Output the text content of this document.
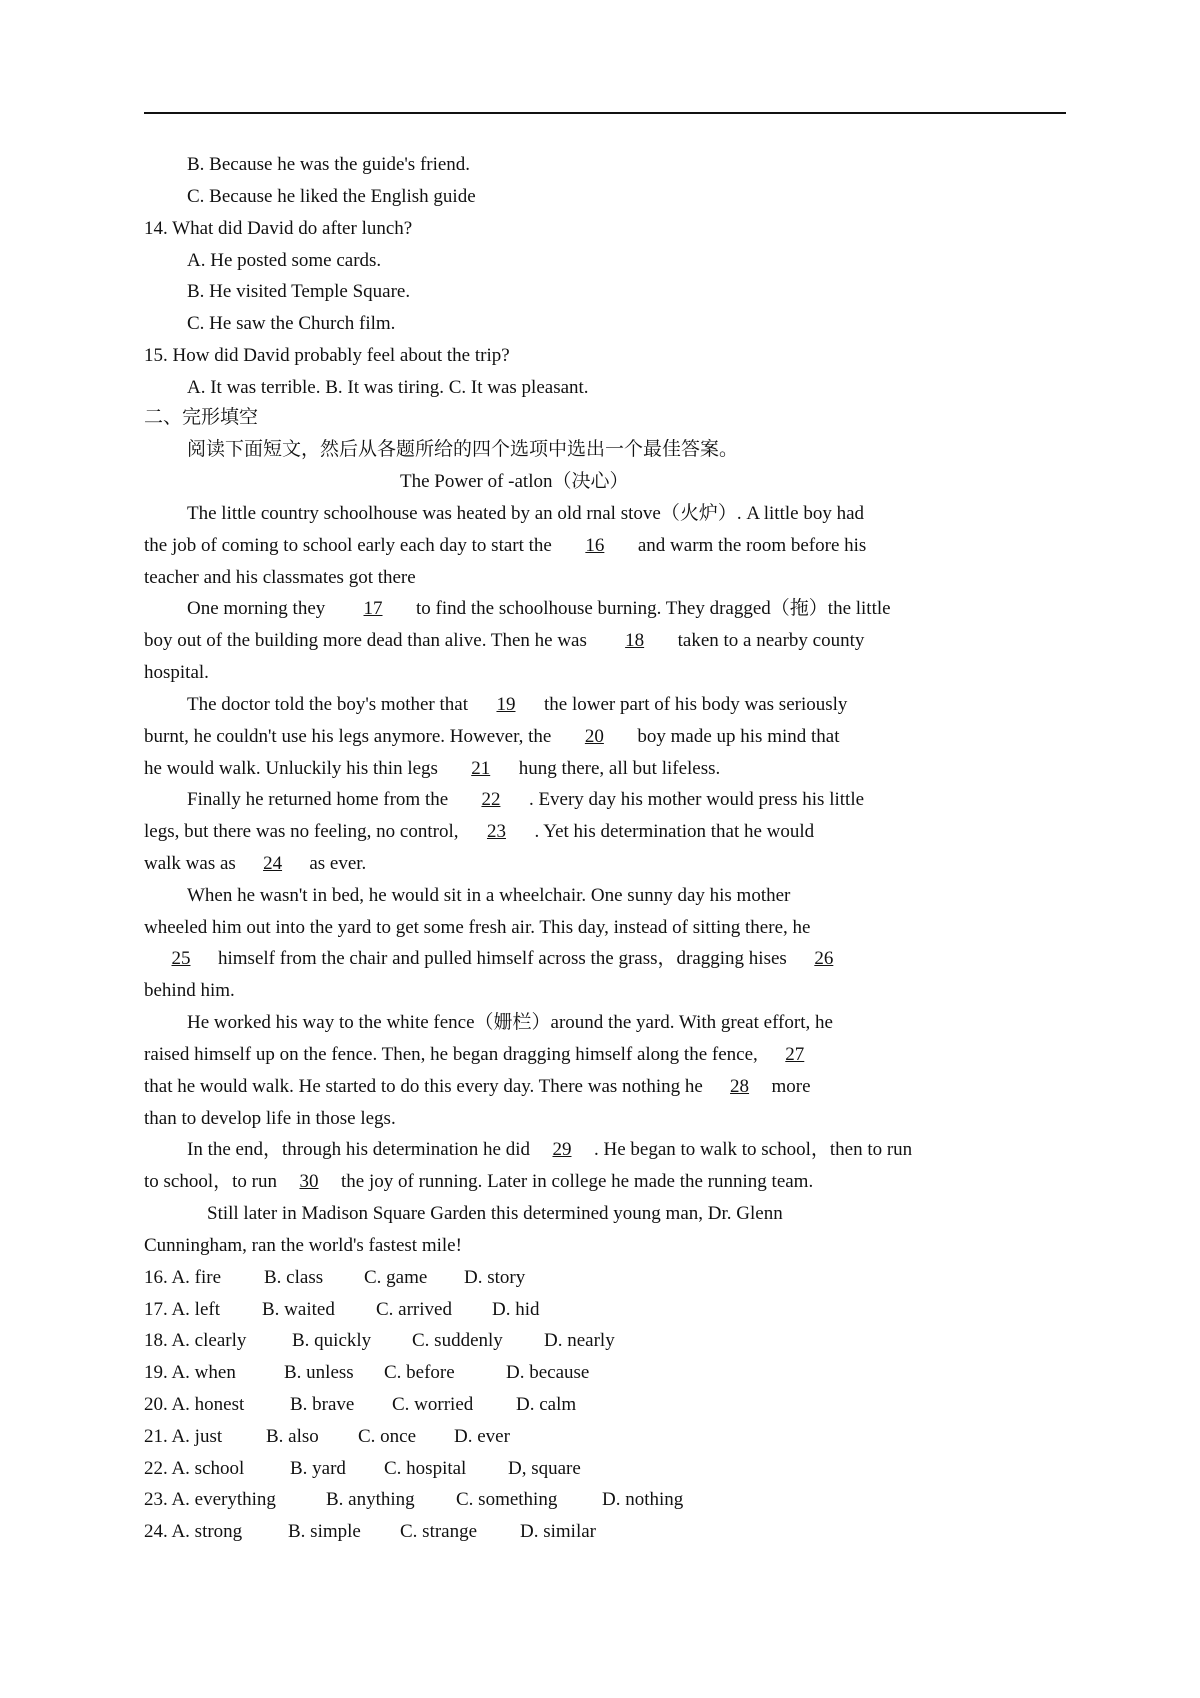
B. Because he was the guide's friend.
C. Because he liked the English guide
14. What did David do after lunch?
A. He posted some cards.
B. He visited Temple Square.
C. He saw the Church film.
15. How did David probably feel about the trip?
A. It was terrible. B. It was tiring. C. It was pleasant.
二、完形填空
阅读下面短文，然后从各题所给的四个选项中选出一个最佳答案。
The Power of -atlon（决心）
The little country schoolhouse was heated by an old rnal stove（火炉）. A little boy had
the job of coming to school early each day to start the 16 and warm the room before his
teacher and his classmates got there
One morning they 17 to find the schoolhouse burning. They dragged（拖）the little
boy out of the building more dead than alive. Then he was 18 taken to a nearby county
hospital.
The doctor told the boy's mother that 19 the lower part of his body was seriously
burnt, he couldn't use his legs anymore. However, the 20 boy made up his mind that
he would walk. Unluckily his thin legs 21 hung there, all but lifeless.
Finally he returned home from the 22 . Every day his mother would press his little
legs, but there was no feeling, no control, 23 . Yet his determination that he would
walk was as 24 as ever.
When he wasn't in bed, he would sit in a wheelchair. One sunny day his mother
wheeled him out into the yard to get some fresh air. This day, instead of sitting there, he
25 himself from the chair and pulled himself across the grass，dragging hises 26
behind him.
He worked his way to the white fence（姗栏）around the yard. With great effort, he
raised himself up on the fence. Then, he began dragging himself along the fence, 27
that he would walk. He started to do this every day. There was nothing he 28 more
than to develop life in those legs.
In the end，through his determination he did 29 . He began to walk to school，then to run
to school，to run 30 the joy of running. Later in college he made the running team.
Still later in Madison Square Garden this determined young man, Dr. Glenn
Cunningham, ran the world's fastest mile!
16. A. fire B. class C. game D. story
17. A. left B. waited C. arrived D. hid
18. A. clearly B. quickly C. suddenly D. nearly
19. A. when	B. unless C. before	D. because
20. A. honest B. brave C. worried D. calm
21. A. just B. also C. once D. ever
22. A. school B. yard C. hospital D, square
23. A. everything	B. anything C. something D. nothing
24. A. strong B. simple C. strange D. similar
